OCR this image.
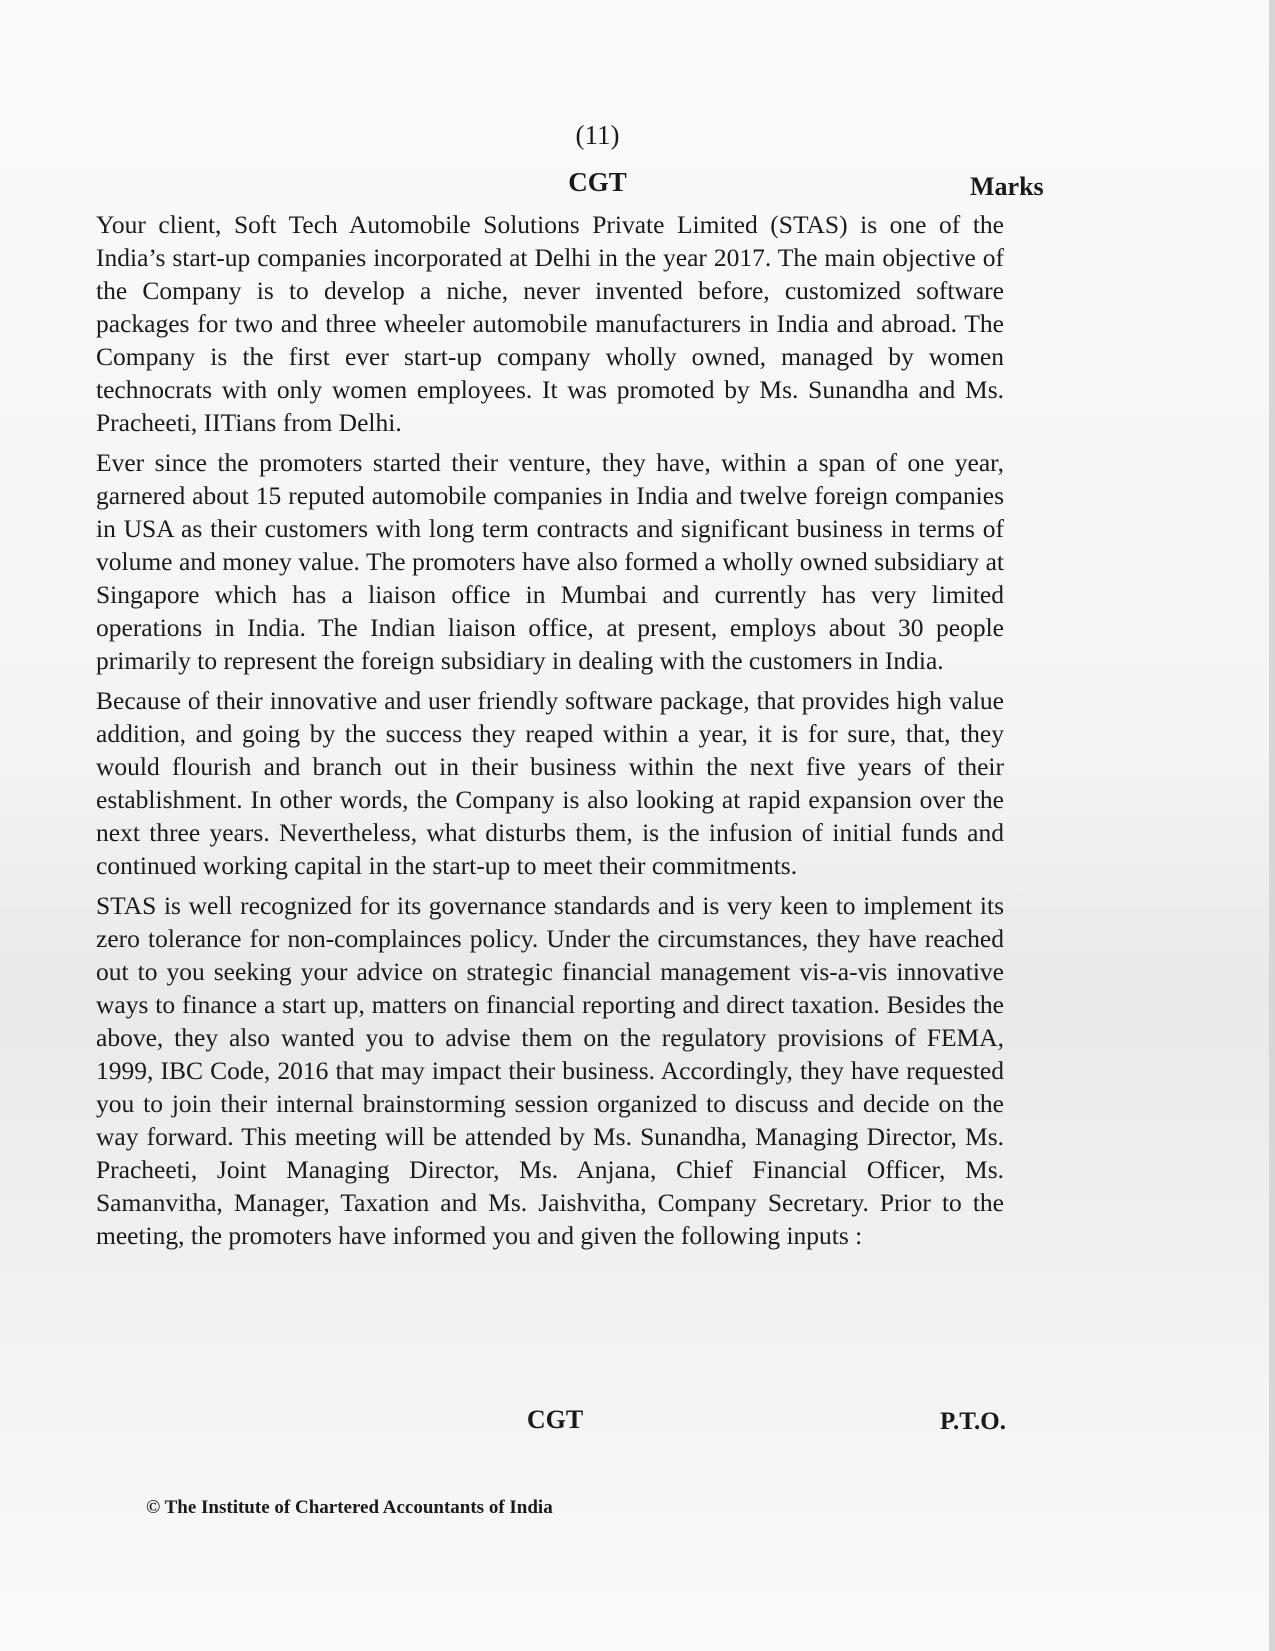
(11)
CGT	Marks

Your client, Soft Tech Automobile Solutions Private Limited (STAS) is one of the India’s start-up companies incorporated at Delhi in the year 2017. The main objective of the Company is to develop a niche, never invented before, customized software packages for two and three wheeler automobile manufacturers in India and abroad. The Company is the first ever start-up company wholly owned, managed by women technocrats with only women employees. It was promoted by Ms. Sunandha and Ms. Pracheeti, IITians from Delhi.

Ever since the promoters started their venture, they have, within a span of one year, garnered about 15 reputed automobile companies in India and twelve foreign companies in USA as their customers with long term contracts and significant business in terms of volume and money value. The promoters have also formed a wholly owned subsidiary at Singapore which has a liaison office in Mumbai and currently has very limited operations in India. The Indian liaison office, at present, employs about 30 people primarily to represent the foreign subsidiary in dealing with the customers in India.

Because of their innovative and user friendly software package, that provides high value addition, and going by the success they reaped within a year, it is for sure, that, they would flourish and branch out in their business within the next five years of their establishment. In other words, the Company is also looking at rapid expansion over the next three years. Nevertheless, what disturbs them, is the infusion of initial funds and continued working capital in the start-up to meet their commitments.

STAS is well recognized for its governance standards and is very keen to implement its zero tolerance for non-complainces policy. Under the circumstances, they have reached out to you seeking your advice on strategic financial management vis-a-vis innovative ways to finance a start up, matters on financial reporting and direct taxation. Besides the above, they also wanted you to advise them on the regulatory provisions of FEMA, 1999, IBC Code, 2016 that may impact their business. Accordingly, they have requested you to join their internal brainstorming session organized to discuss and decide on the way forward. This meeting will be attended by Ms. Sunandha, Managing Director, Ms. Pracheeti, Joint Managing Director, Ms. Anjana, Chief Financial Officer, Ms. Samanvitha, Manager, Taxation and Ms. Jaishvitha, Company Secretary. Prior to the meeting, the promoters have informed you and given the following inputs :

CGT	P.T.O.
© The Institute of Chartered Accountants of India
